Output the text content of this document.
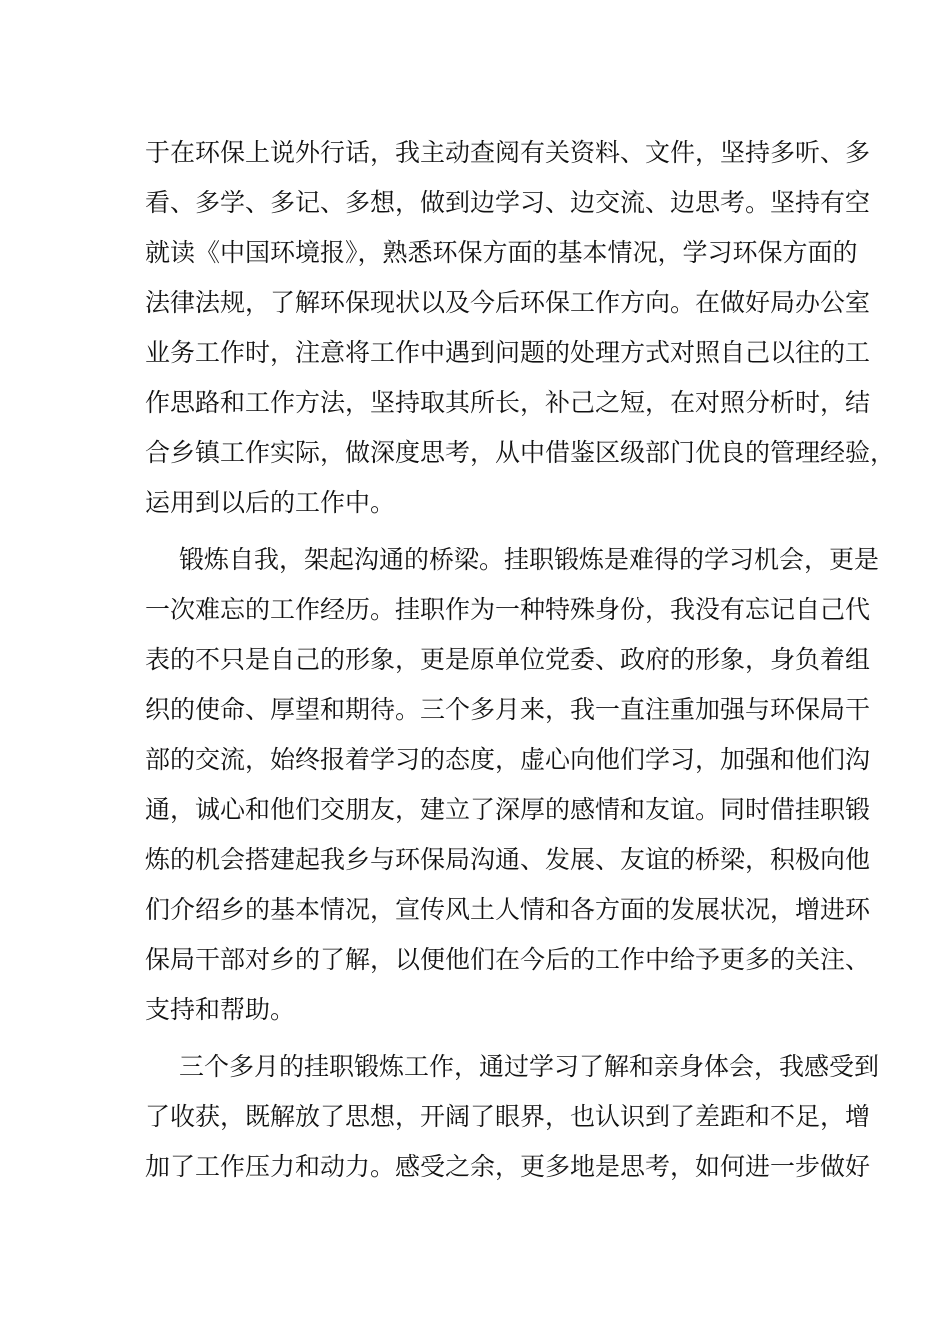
于在环保上说外行话，我主动查阅有关资料、文件，坚持多听、多
看、多学、多记、多想，做到边学习、边交流、边思考。坚持有空
就读《中国环境报》，熟悉环保方面的基本情况，学习环保方面的
法律法规，了解环保现状以及今后环保工作方向。在做好局办公室
业务工作时，注意将工作中遇到问题的处理方式对照自己以往的工
作思路和工作方法，坚持取其所长，补己之短，在对照分析时，结
合乡镇工作实际，做深度思考，从中借鉴区级部门优良的管理经验，
运用到以后的工作中。
锻炼自我，架起沟通的桥梁。挂职锻炼是难得的学习机会，更是
一次难忘的工作经历。挂职作为一种特殊身份，我没有忘记自己代
表的不只是自己的形象，更是原单位党委、政府的形象，身负着组
织的使命、厚望和期待。三个多月来，我一直注重加强与环保局干
部的交流，始终报着学习的态度，虚心向他们学习，加强和他们沟
通，诚心和他们交朋友，建立了深厚的感情和友谊。同时借挂职锻
炼的机会搭建起我乡与环保局沟通、发展、友谊的桥梁，积极向他
们介绍乡的基本情况，宣传风土人情和各方面的发展状况，增进环
保局干部对乡的了解，以便他们在今后的工作中给予更多的关注、
支持和帮助。
三个多月的挂职锻炼工作，通过学习了解和亲身体会，我感受到
了收获，既解放了思想，开阔了眼界，也认识到了差距和不足，增
加了工作压力和动力。感受之余，更多地是思考，如何进一步做好
